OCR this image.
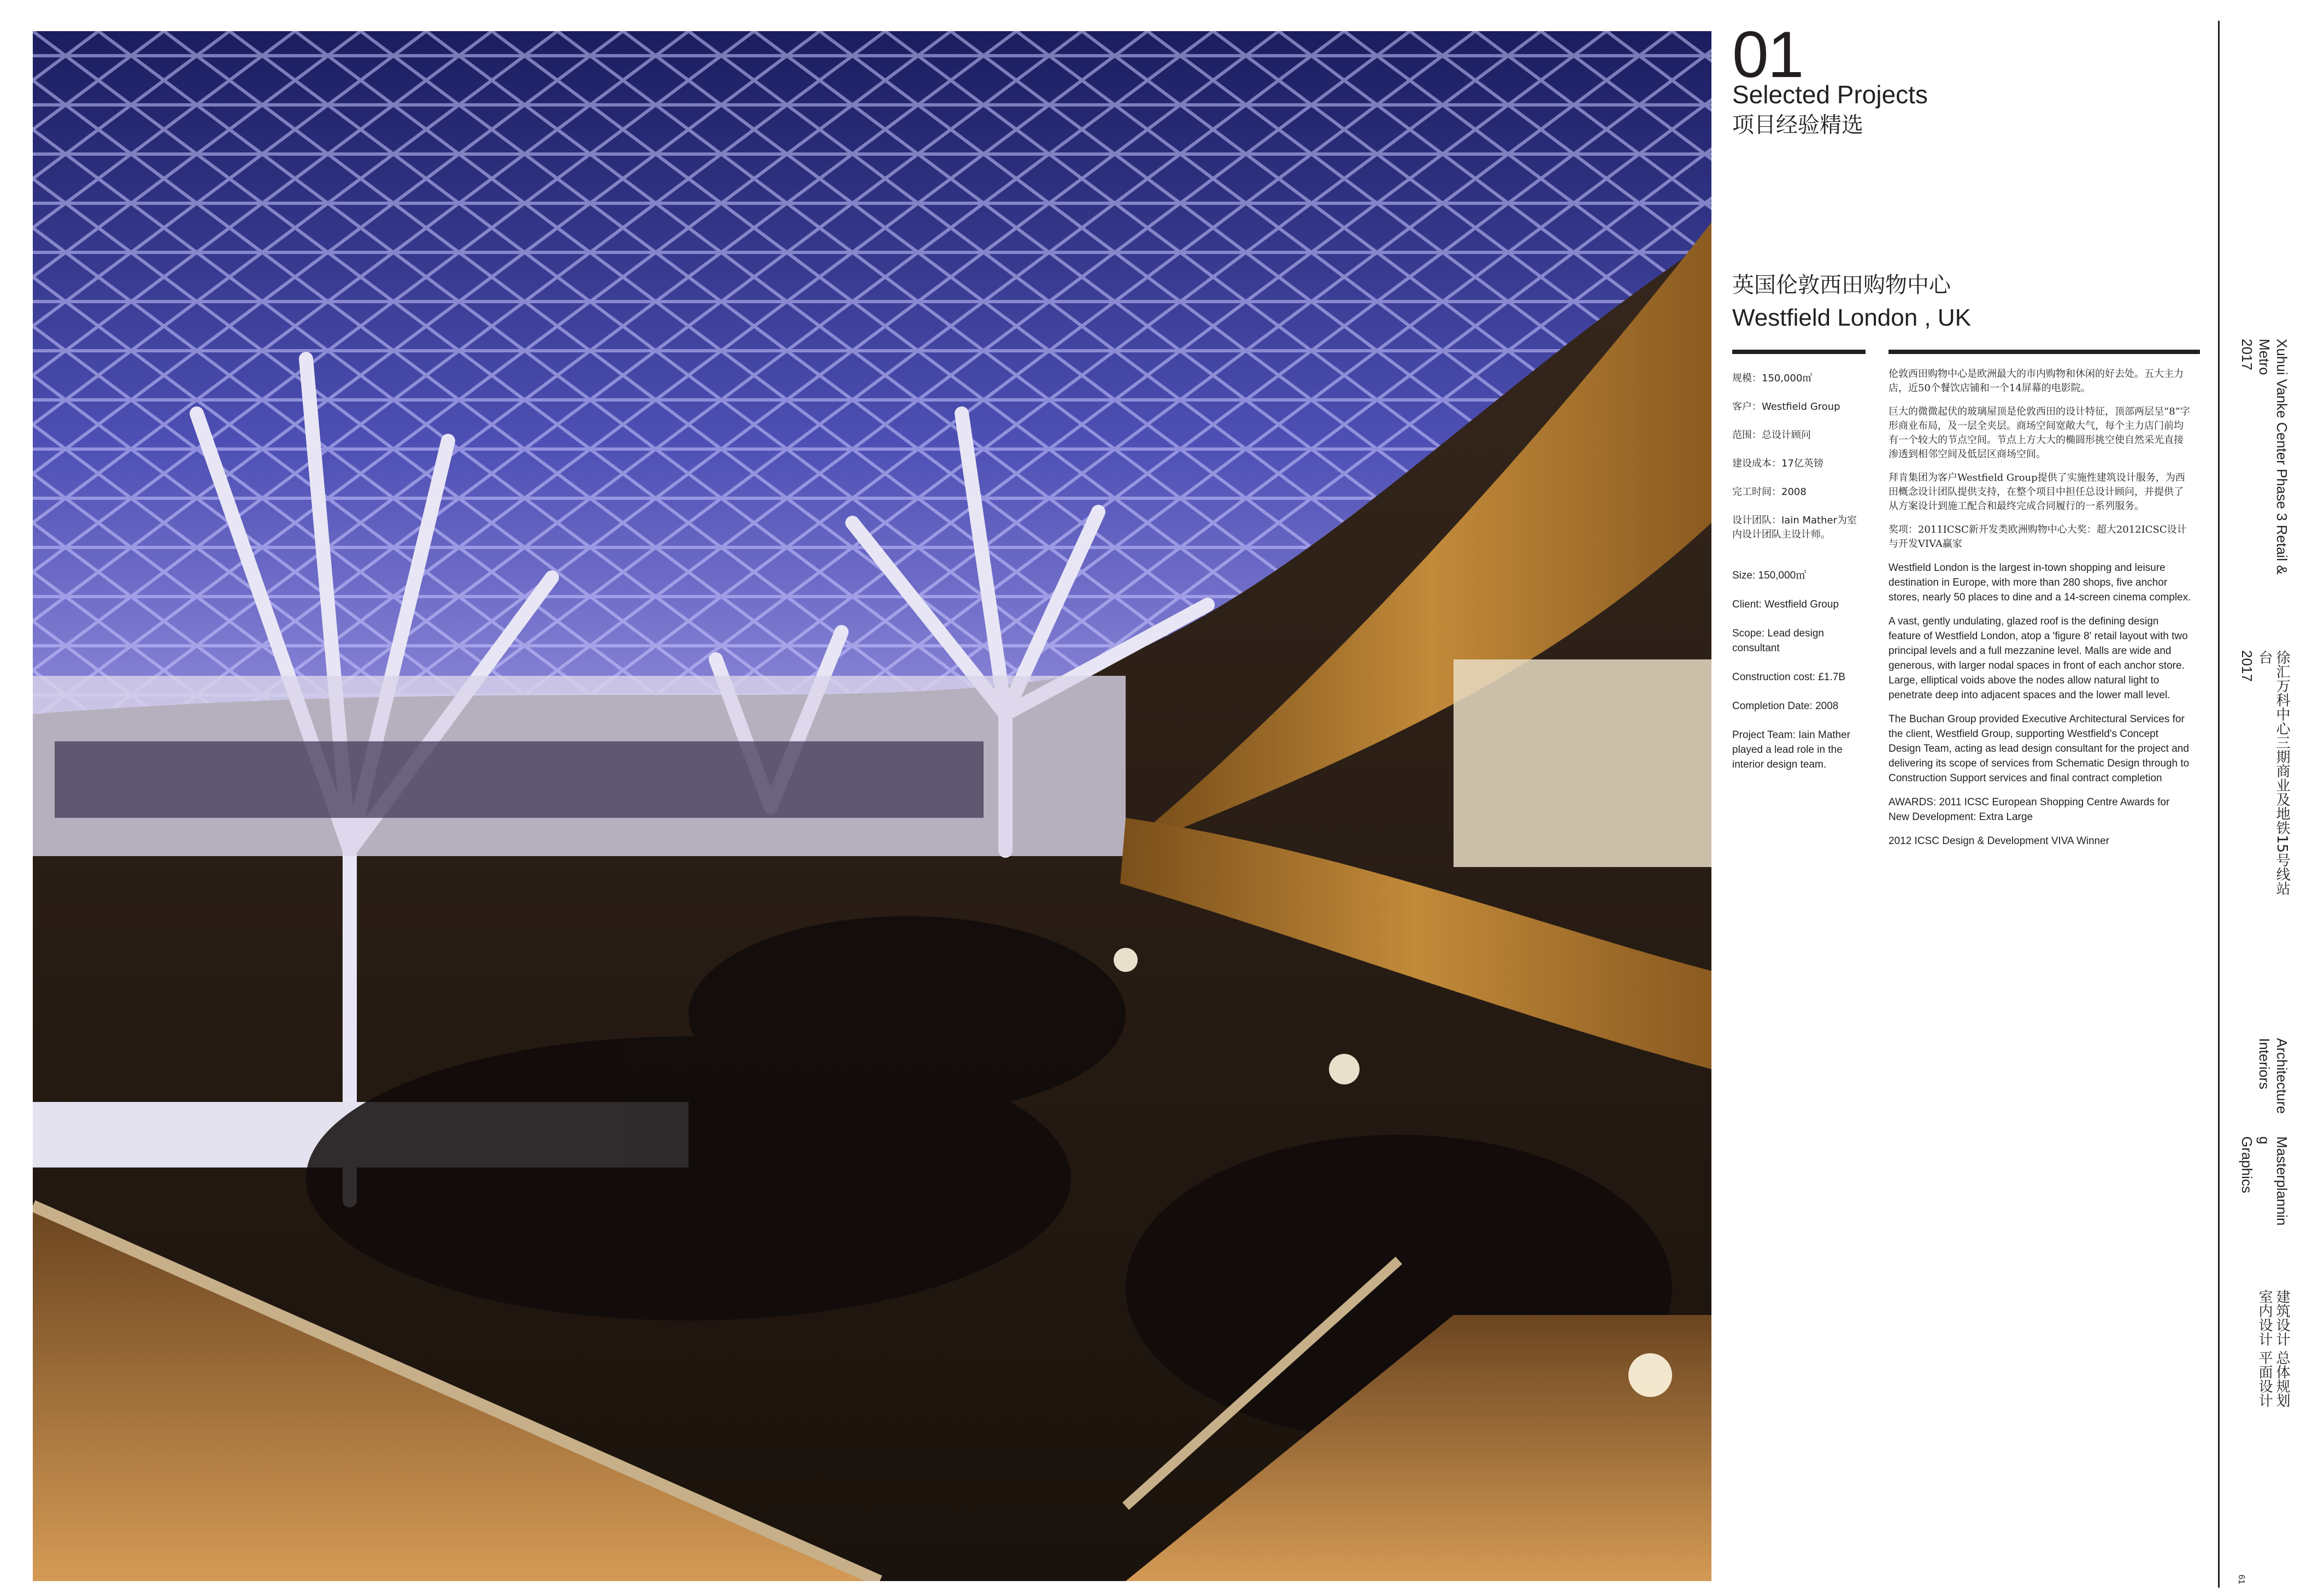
01
Selected Projects
项目经验精选
英国伦敦西田购物中心
Westfield London , UK
规模：150,000㎡
客户：Westfield Group
范围：总设计顾问
建设成本：17亿英镑
完工时间：2008
设计团队：Iain Mather为室内设计团队主设计师。
Size: 150,000㎡
Client: Westfield Group
Scope: Lead design consultant
Construction cost: £1.7B
Completion Date: 2008
Project Team: Iain Mather played a lead role in the interior design team.

伦敦西田购物中心是欧洲最大的市内购物和休闲的好去处。五大主力店，近50个餐饮店铺和一个14屏幕的电影院。

巨大的微微起伏的玻璃屋顶是伦敦西田的设计特征，顶部两层呈“8”字形商业布局，及一层全夹层。商场空间宽敞大气，每个主力店门前均有一个较大的节点空间。节点上方大大的椭圆形挑空使自然采光直接渗透到相邻空间及低层区商场空间。

拜肯集团为客户Westfield Group提供了实施性建筑设计服务，为西田概念设计团队提供支持，在整个项目中担任总设计顾问，并提供了从方案设计到施工配合和最终完成合同履行的一系列服务。

奖项：2011ICSC新开发类欧洲购物中心大奖：超大2012ICSC设计与开发VIVA赢家

Westfield London is the largest in-town shopping and leisure destination in Europe, with more than 280 shops, five anchor stores, nearly 50 places to dine and a 14-screen cinema complex.

A vast, gently undulating, glazed roof is the defining design feature of Westfield London, atop a 'figure 8' retail layout with two principal levels and a full mezzanine level. Malls are wide and generous, with larger nodal spaces in front of each anchor store. Large, elliptical voids above the nodes allow natural light to penetrate deep into adjacent spaces and the lower mall level.

The Buchan Group provided Executive Architectural Services for the client, Westfield Group, supporting Westfield's Concept Design Team, acting as lead design consultant for the project and delivering its scope of services from Schematic Design through to Construction Support services and final contract completion

AWARDS: 2011 ICSC European Shopping Centre Awards for New Development: Extra Large

2012 ICSC Design & Development VIVA Winner

Xuhui Vanke Center Phase 3 Retail &
Metro
2017
徐汇万科中心三期商业及地铁15号线站
台
2017
Architecture
Interiors
Masterplannin
g
Graphics
建筑设计 总体规划
室内设计 平面设计
61
